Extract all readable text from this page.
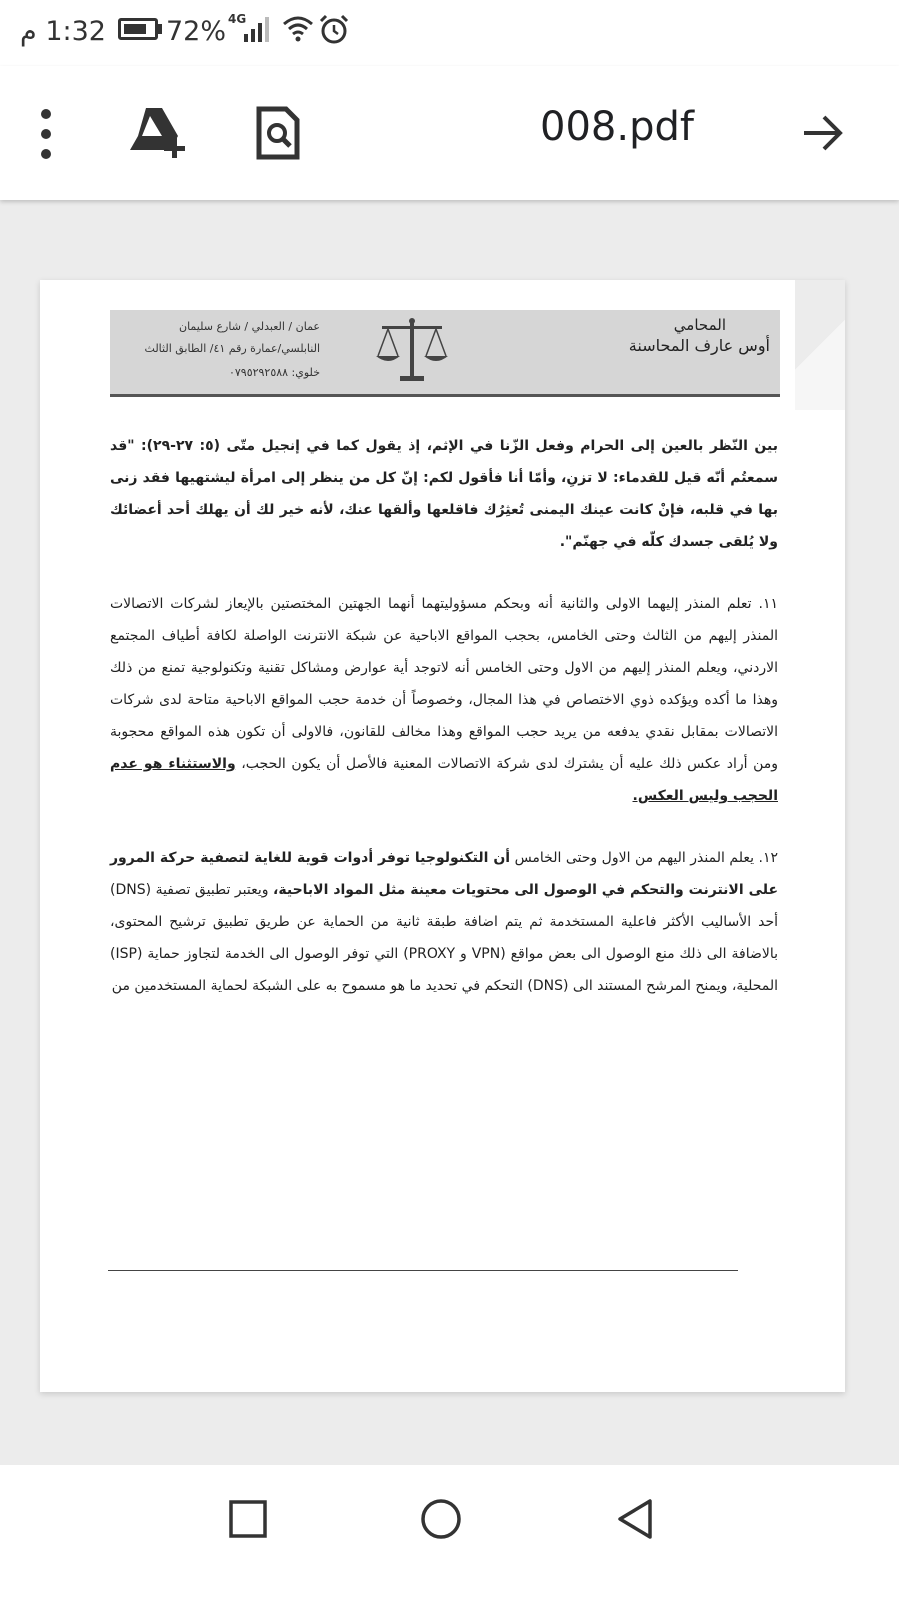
1:32 م 72% 4G
008.pdf
المحامي
أوس عارف المحاسنة
عمان / العبدلي / شارع سليمان
النابلسي/عمارة رقم ٤١/ الطابق الثالث
خلوي: ٠٧٩٥٢٩٢٥٨٨

بين النّظر بالعين إلى الحرام وفعل الزّنا في الإثم، إذ يقول كما في إنجيل متّى (٥: ٢٧-٢٩): "قد سمعتُم أنّه قيل للقدماء: لا تزنِ، وأمّا أنا فأقول لكم: إنّ كل من ينظر إلى امرأة ليشتهيها فقد زنى بها في قلبه، فإنْ كانت عينك اليمنى تُعثِرُك فاقلعها وألقها عنك، لأنه خير لك أن يهلك أحد أعضائك ولا يُلقى جسدك كلّه في جهنّم".

١١. تعلم المنذر إليهما الاولى والثانية أنه وبحكم مسؤوليتهما أنهما الجهتين المختصتين بالإيعاز لشركات الاتصالات المنذر إليهم من الثالث وحتى الخامس، بحجب المواقع الاباحية عن شبكة الانترنت الواصلة لكافة أطياف المجتمع الاردني، ويعلم المنذر إليهم من الاول وحتى الخامس أنه لاتوجد أية عوارض ومشاكل تقنية وتكنولوجية تمنع من ذلك وهذا ما أكده ويؤكده ذوي الاختصاص في هذا المجال، وخصوصاً أن خدمة حجب المواقع الاباحية متاحة لدى شركات الاتصالات بمقابل نقدي يدفعه من يريد حجب المواقع وهذا مخالف للقانون، فالاولى أن تكون هذه المواقع محجوبة ومن أراد عكس ذلك عليه أن يشترك لدى شركة الاتصالات المعنية فالأصل أن يكون الحجب، والاستثناء هو عدم الحجب وليس العكس.

١٢. يعلم المنذر اليهم من الاول وحتى الخامس أن التكنولوجيا توفر أدوات قوية للغاية لتصفية حركة المرور على الانترنت والتحكم في الوصول الى محتويات معينة مثل المواد الاباحية، ويعتبر تطبيق تصفية (DNS) أحد الأساليب الأكثر فاعلية المستخدمة ثم يتم اضافة طبقة ثانية من الحماية عن طريق تطبيق ترشيح المحتوى، بالاضافة الى ذلك منع الوصول الى بعض مواقع (VPN و PROXY) التي توفر الوصول الى الخدمة لتجاوز حماية (ISP) المحلية، ويمنح المرشح المستند الى (DNS) التحكم في تحديد ما هو مسموح به على الشبكة لحماية المستخدمين من
